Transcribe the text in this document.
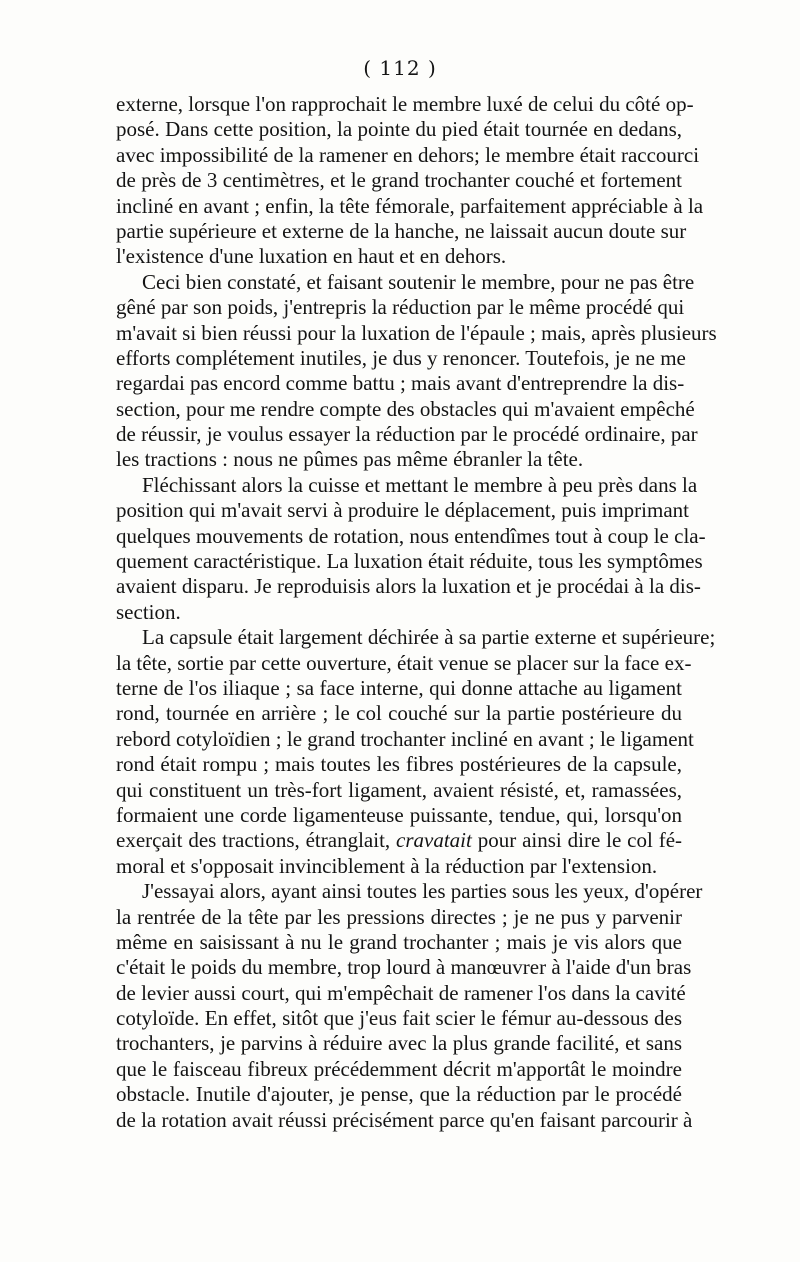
( 112 )
externe, lorsque l'on rapprochait le membre luxé de celui du côté op-
posé. Dans cette position, la pointe du pied était tournée en dedans,
avec impossibilité de la ramener en dehors; le membre était raccourci
de près de 3 centimètres, et le grand trochanter couché et fortement
incliné en avant ; enfin, la tête fémorale, parfaitement appréciable à la
partie supérieure et externe de la hanche, ne laissait aucun doute sur
l'existence d'une luxation en haut et en dehors.
Ceci bien constaté, et faisant soutenir le membre, pour ne pas être
gêné par son poids, j'entrepris la réduction par le même procédé qui
m'avait si bien réussi pour la luxation de l'épaule ; mais, après plusieurs
efforts complétement inutiles, je dus y renoncer. Toutefois, je ne me
regardai pas encord comme battu ; mais avant d'entreprendre la dis-
section, pour me rendre compte des obstacles qui m'avaient empêché
de réussir, je voulus essayer la réduction par le procédé ordinaire, par
les tractions : nous ne pûmes pas même ébranler la tête.
Fléchissant alors la cuisse et mettant le membre à peu près dans la
position qui m'avait servi à produire le déplacement, puis imprimant
quelques mouvements de rotation, nous entendîmes tout à coup le cla-
quement caractéristique. La luxation était réduite, tous les symptômes
avaient disparu. Je reproduisis alors la luxation et je procédai à la dis-
section.
La capsule était largement déchirée à sa partie externe et supérieure;
la tête, sortie par cette ouverture, était venue se placer sur la face ex-
terne de l'os iliaque ; sa face interne, qui donne attache au ligament
rond, tournée en arrière ; le col couché sur la partie postérieure du
rebord cotyloïdien ; le grand trochanter incliné en avant ; le ligament
rond était rompu ; mais toutes les fibres postérieures de la capsule,
qui constituent un très-fort ligament, avaient résisté, et, ramassées,
formaient une corde ligamenteuse puissante, tendue, qui, lorsqu'on
exerçait des tractions, étranglait, cravatait pour ainsi dire le col fé-
moral et s'opposait invinciblement à la réduction par l'extension.
J'essayai alors, ayant ainsi toutes les parties sous les yeux, d'opérer
la rentrée de la tête par les pressions directes ; je ne pus y parvenir
même en saisissant à nu le grand trochanter ; mais je vis alors que
c'était le poids du membre, trop lourd à manœuvrer à l'aide d'un bras
de levier aussi court, qui m'empêchait de ramener l'os dans la cavité
cotyloïde. En effet, sitôt que j'eus fait scier le fémur au-dessous des
trochanters, je parvins à réduire avec la plus grande facilité, et sans
que le faisceau fibreux précédemment décrit m'apportât le moindre
obstacle. Inutile d'ajouter, je pense, que la réduction par le procédé
de la rotation avait réussi précisément parce qu'en faisant parcourir à
